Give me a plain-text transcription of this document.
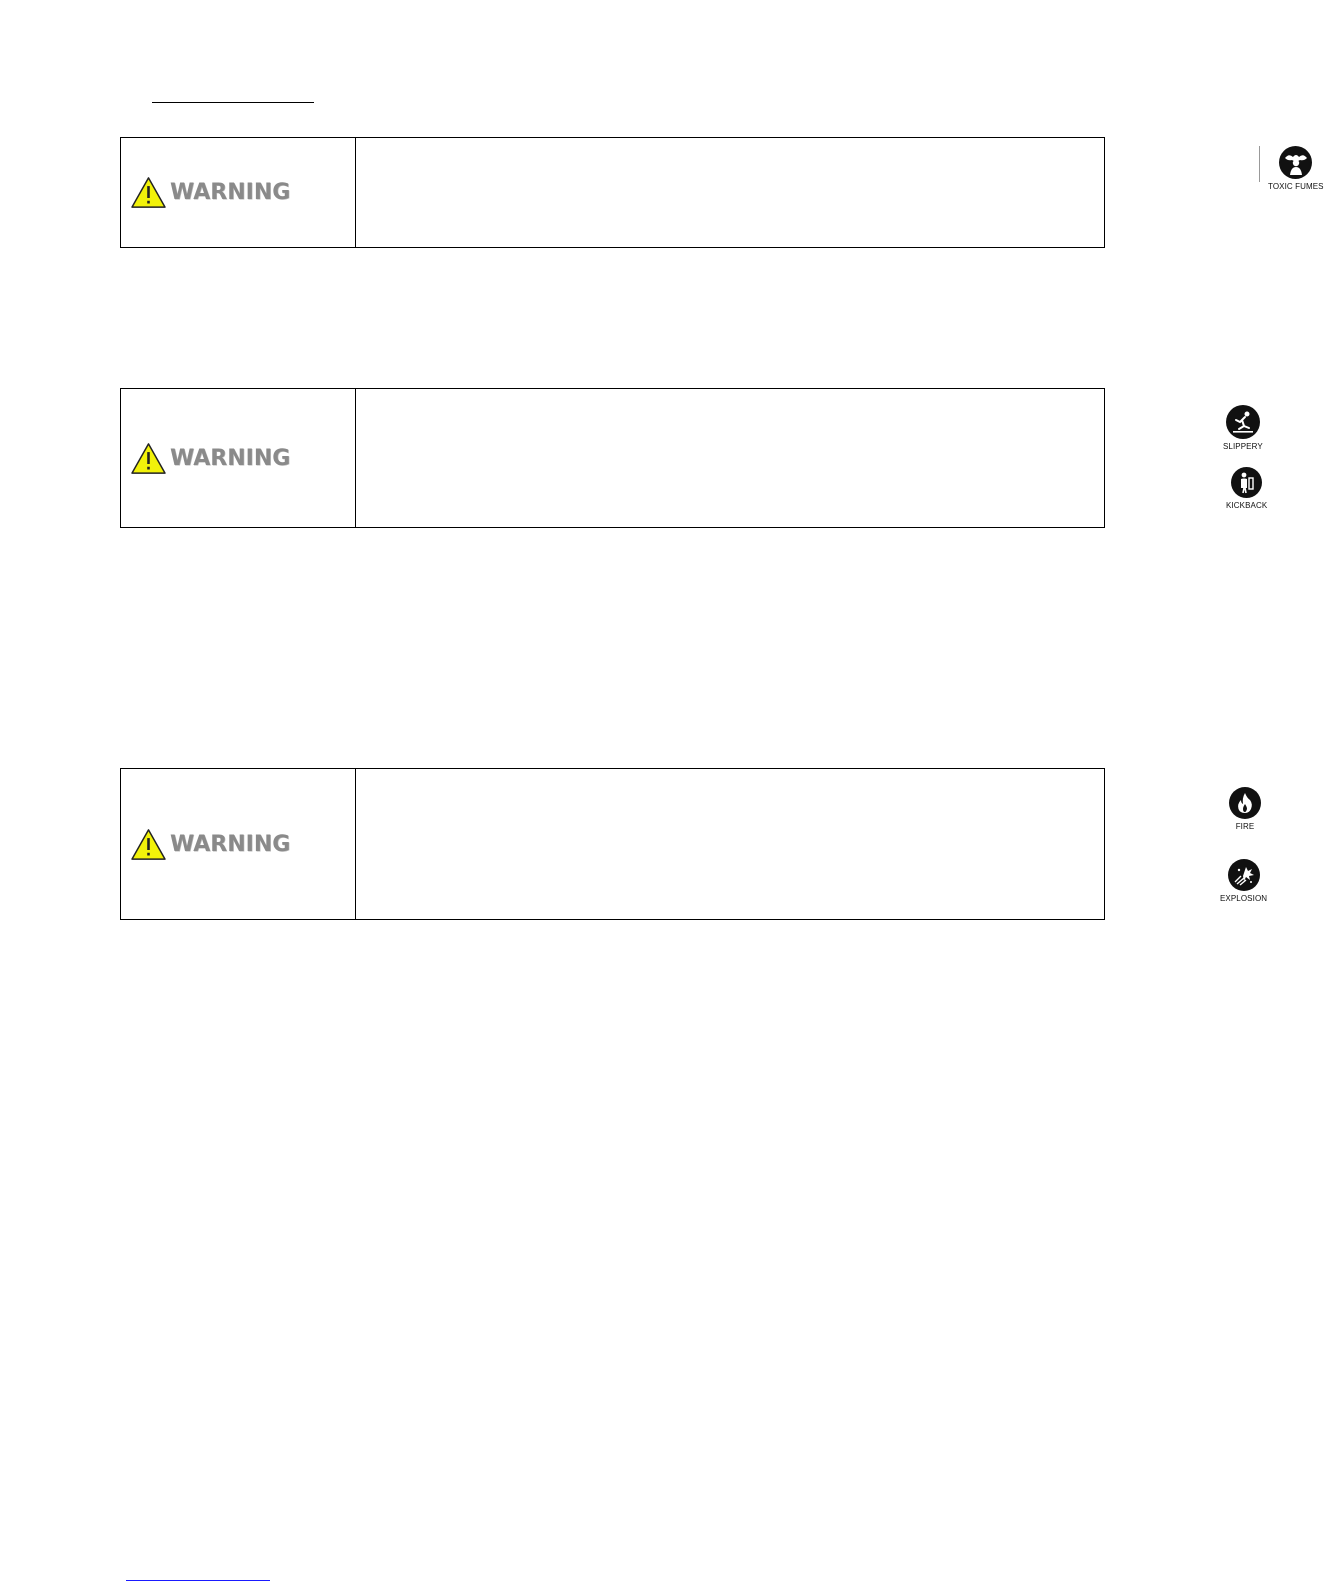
WARNING	TOXIC FUMES
WARNING	SLIPPERY
KICKBACK
WARNING
FIRE
EXPLOSION
